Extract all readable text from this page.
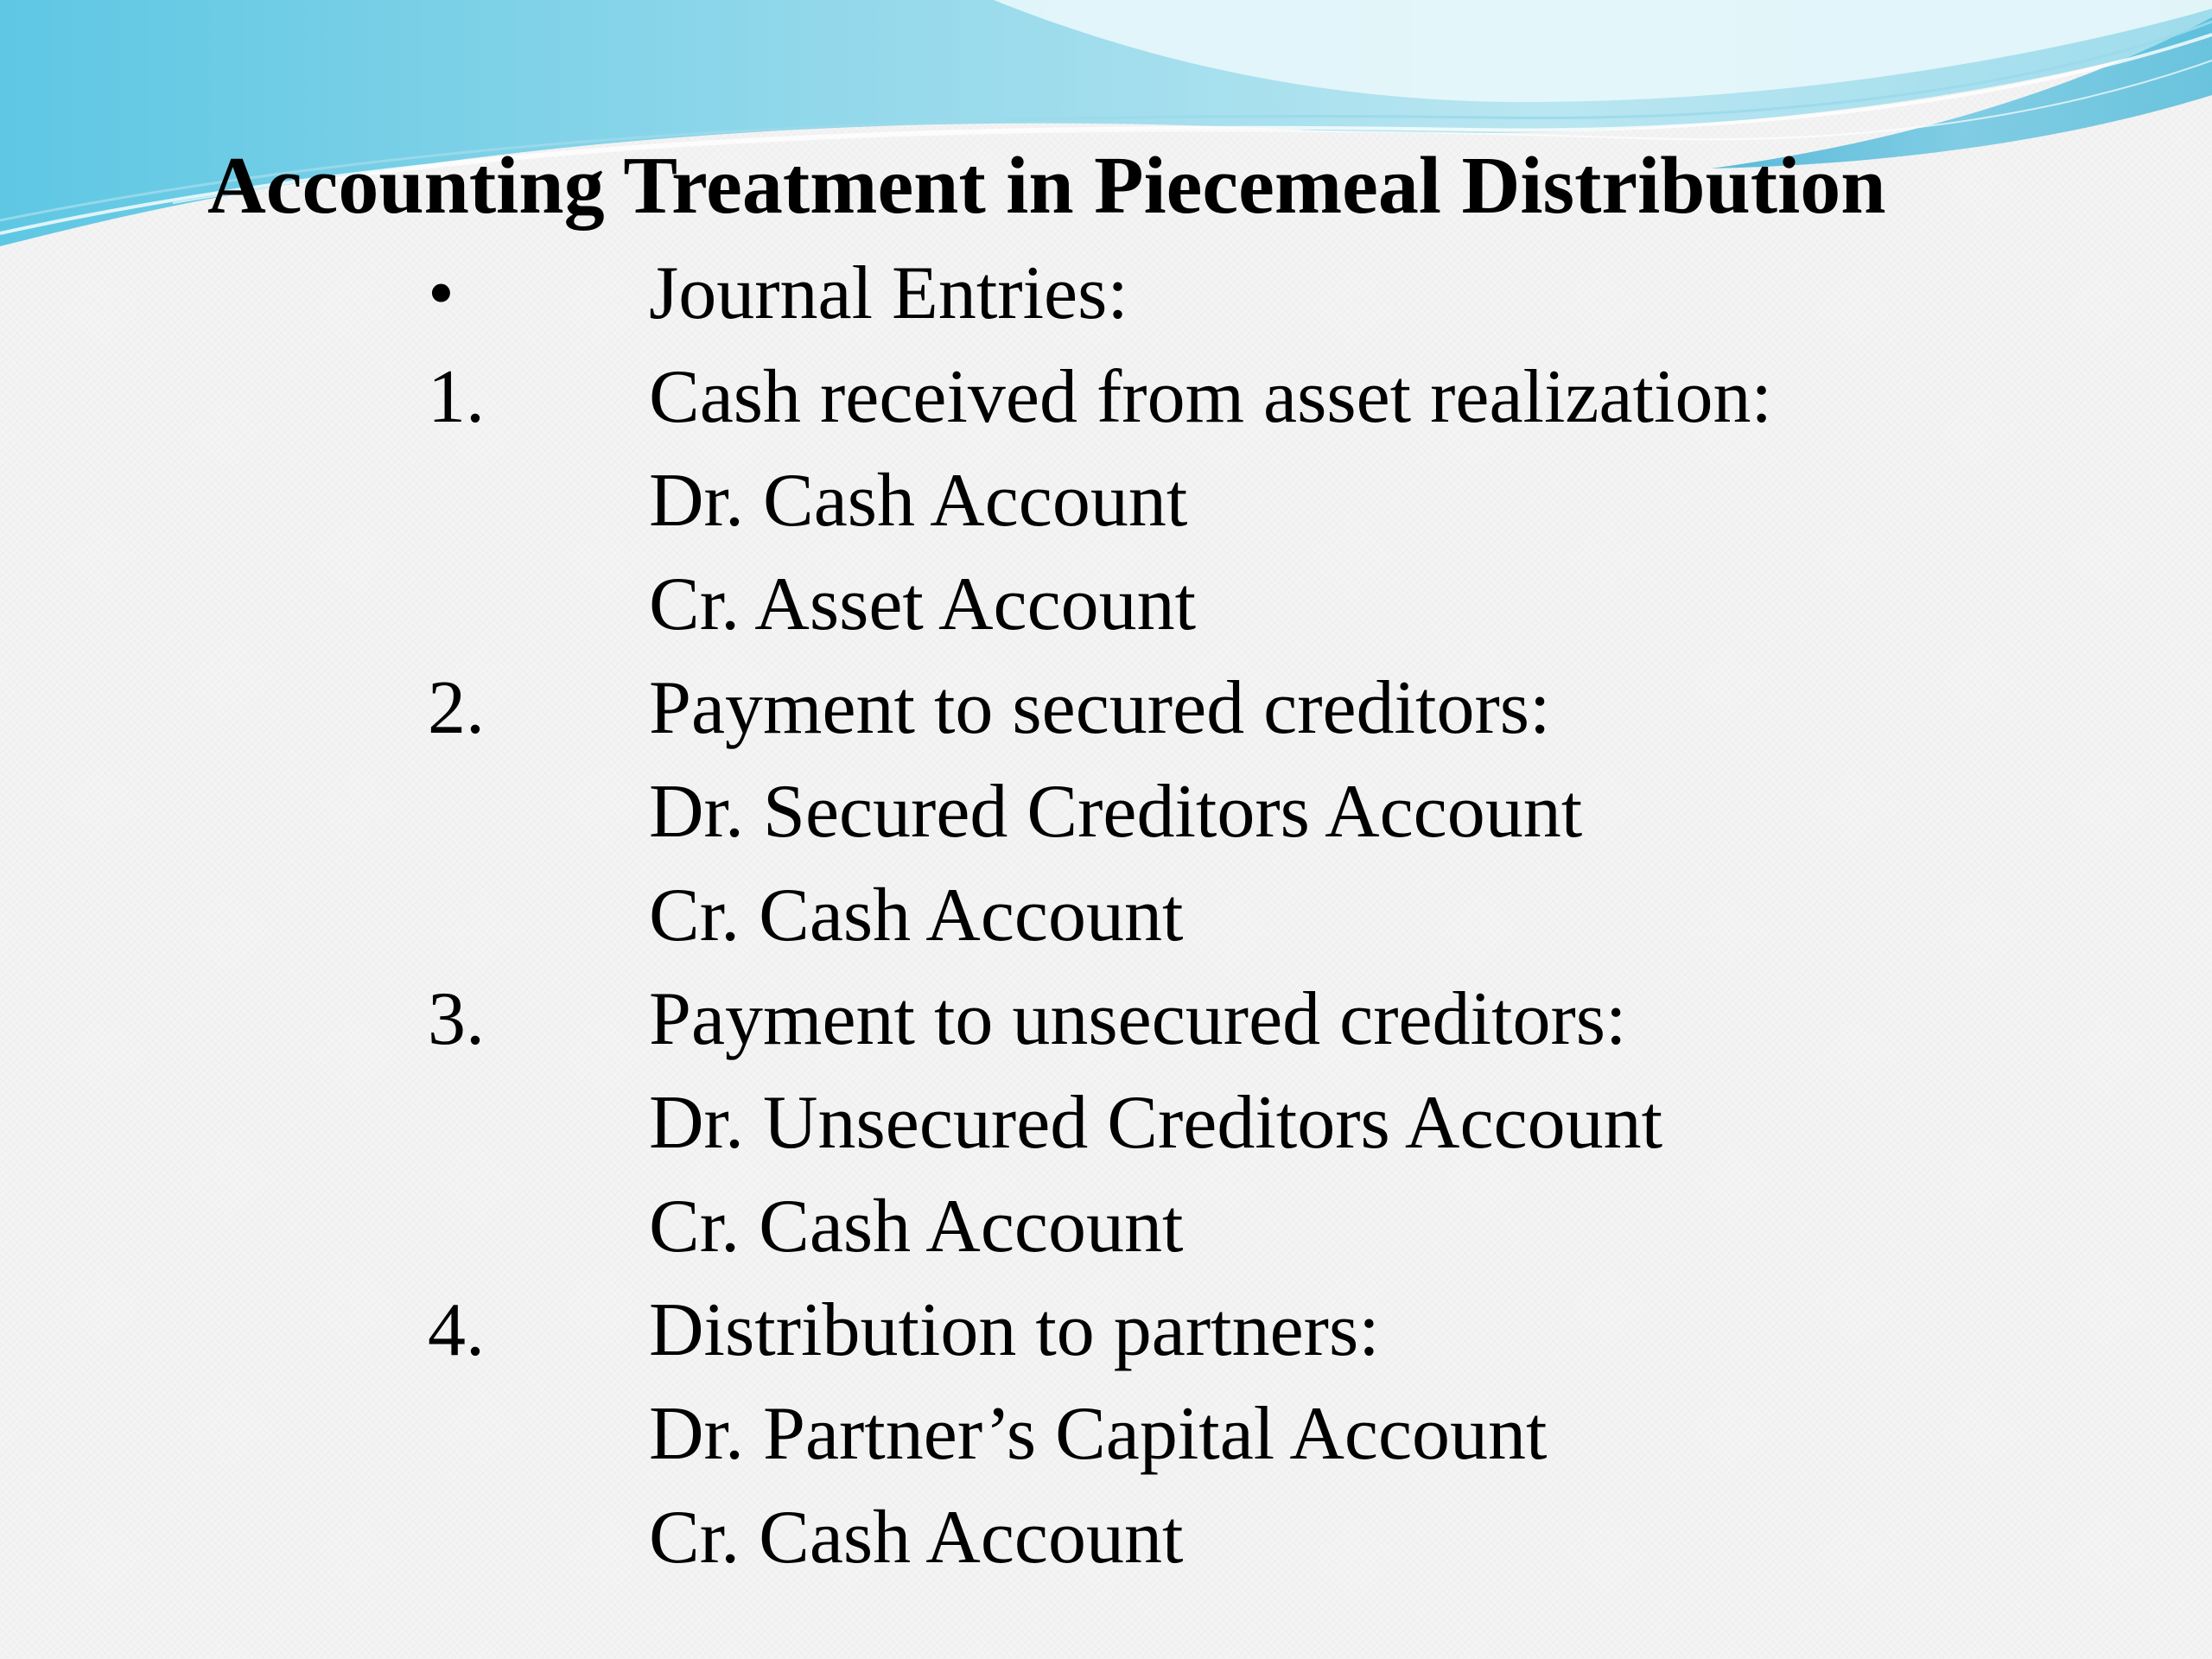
Accounting Treatment in Piecemeal Distribution
•	Journal Entries:
1. Cash received from asset realization:
Dr. Cash Account
Cr. Asset Account
2. Payment to secured creditors:
Dr. Secured Creditors Account
Cr. Cash Account
3. Payment to unsecured creditors:
Dr. Unsecured Creditors Account
Cr. Cash Account
4. Distribution to partners:
Dr. Partner’s Capital Account
Cr. Cash Account
